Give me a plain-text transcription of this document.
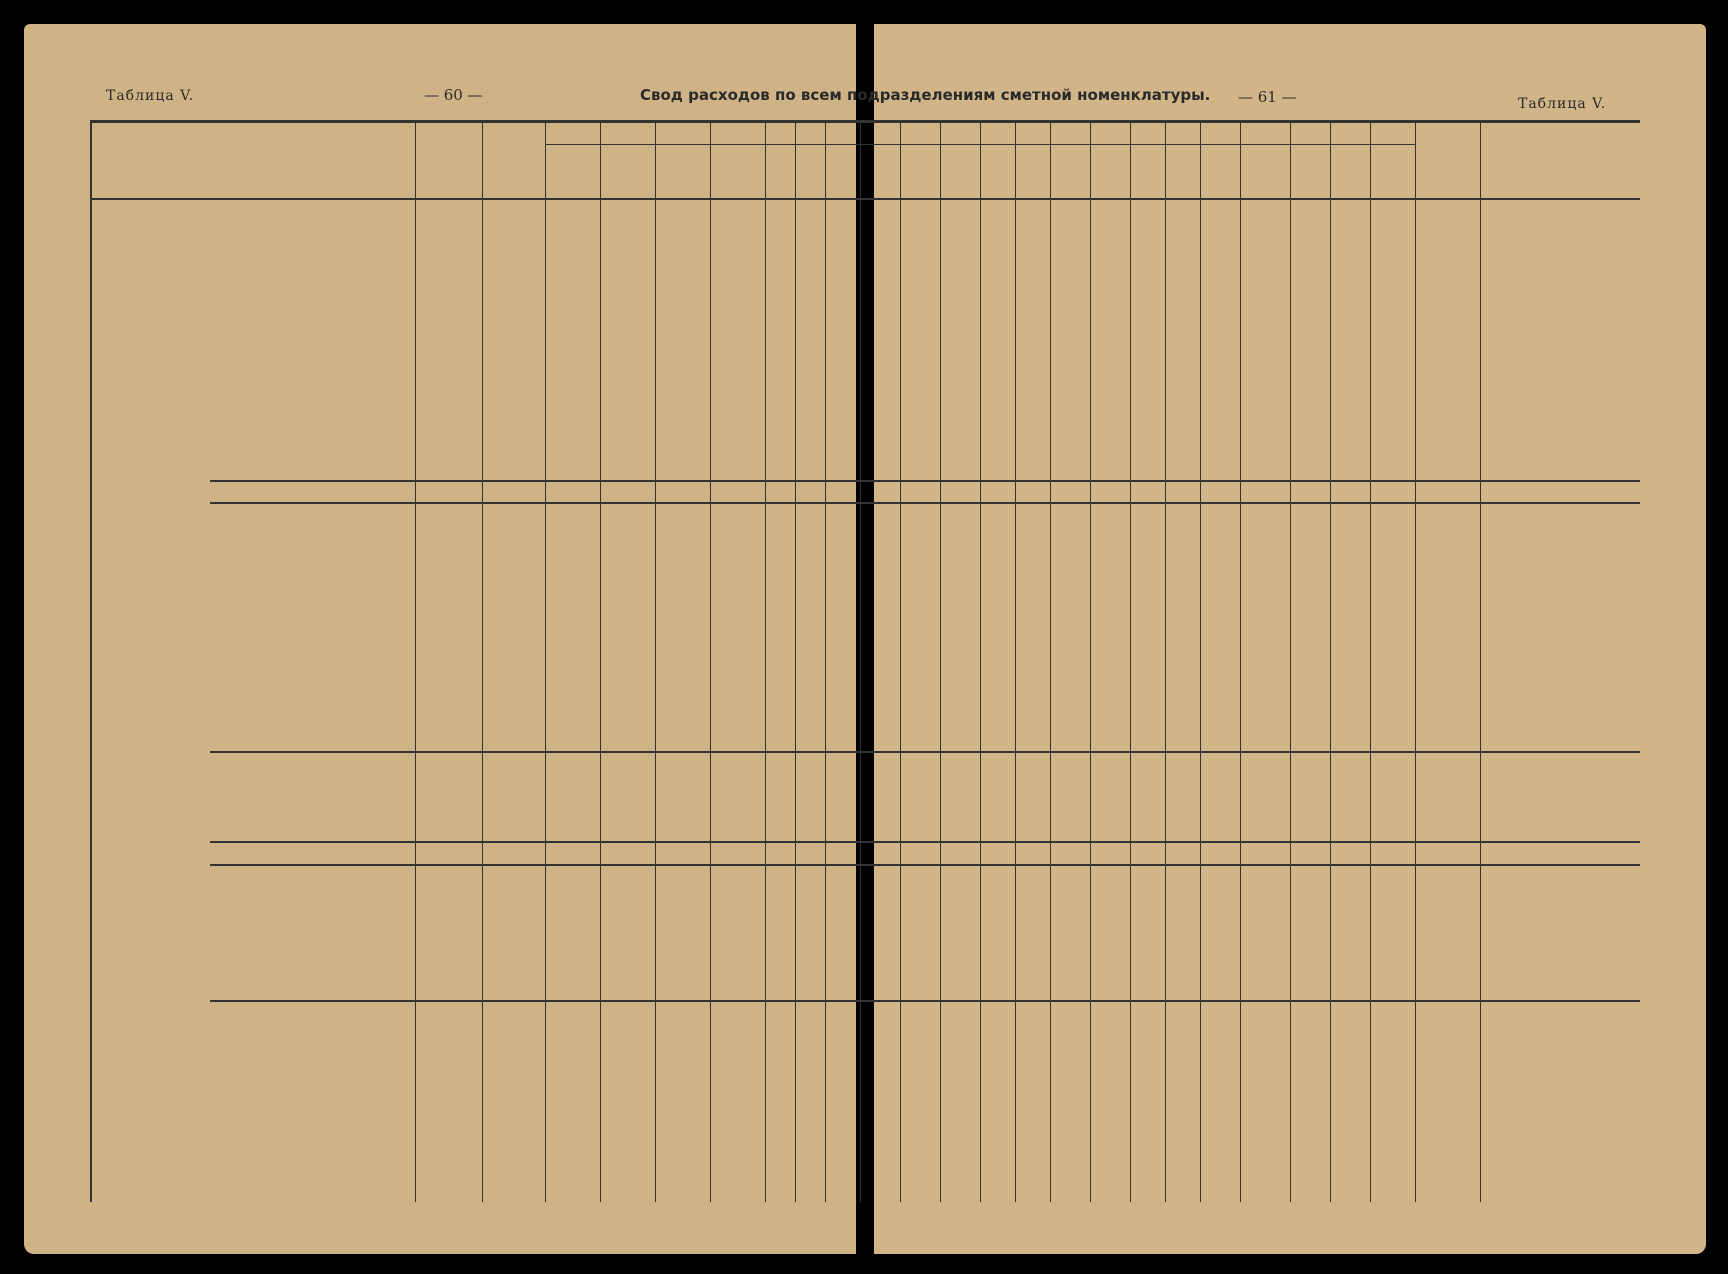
Таблица V.	— 60 —	Свод расходов по всем подразделениям сметной номенклатуры. — 61 —	Таблица V.
